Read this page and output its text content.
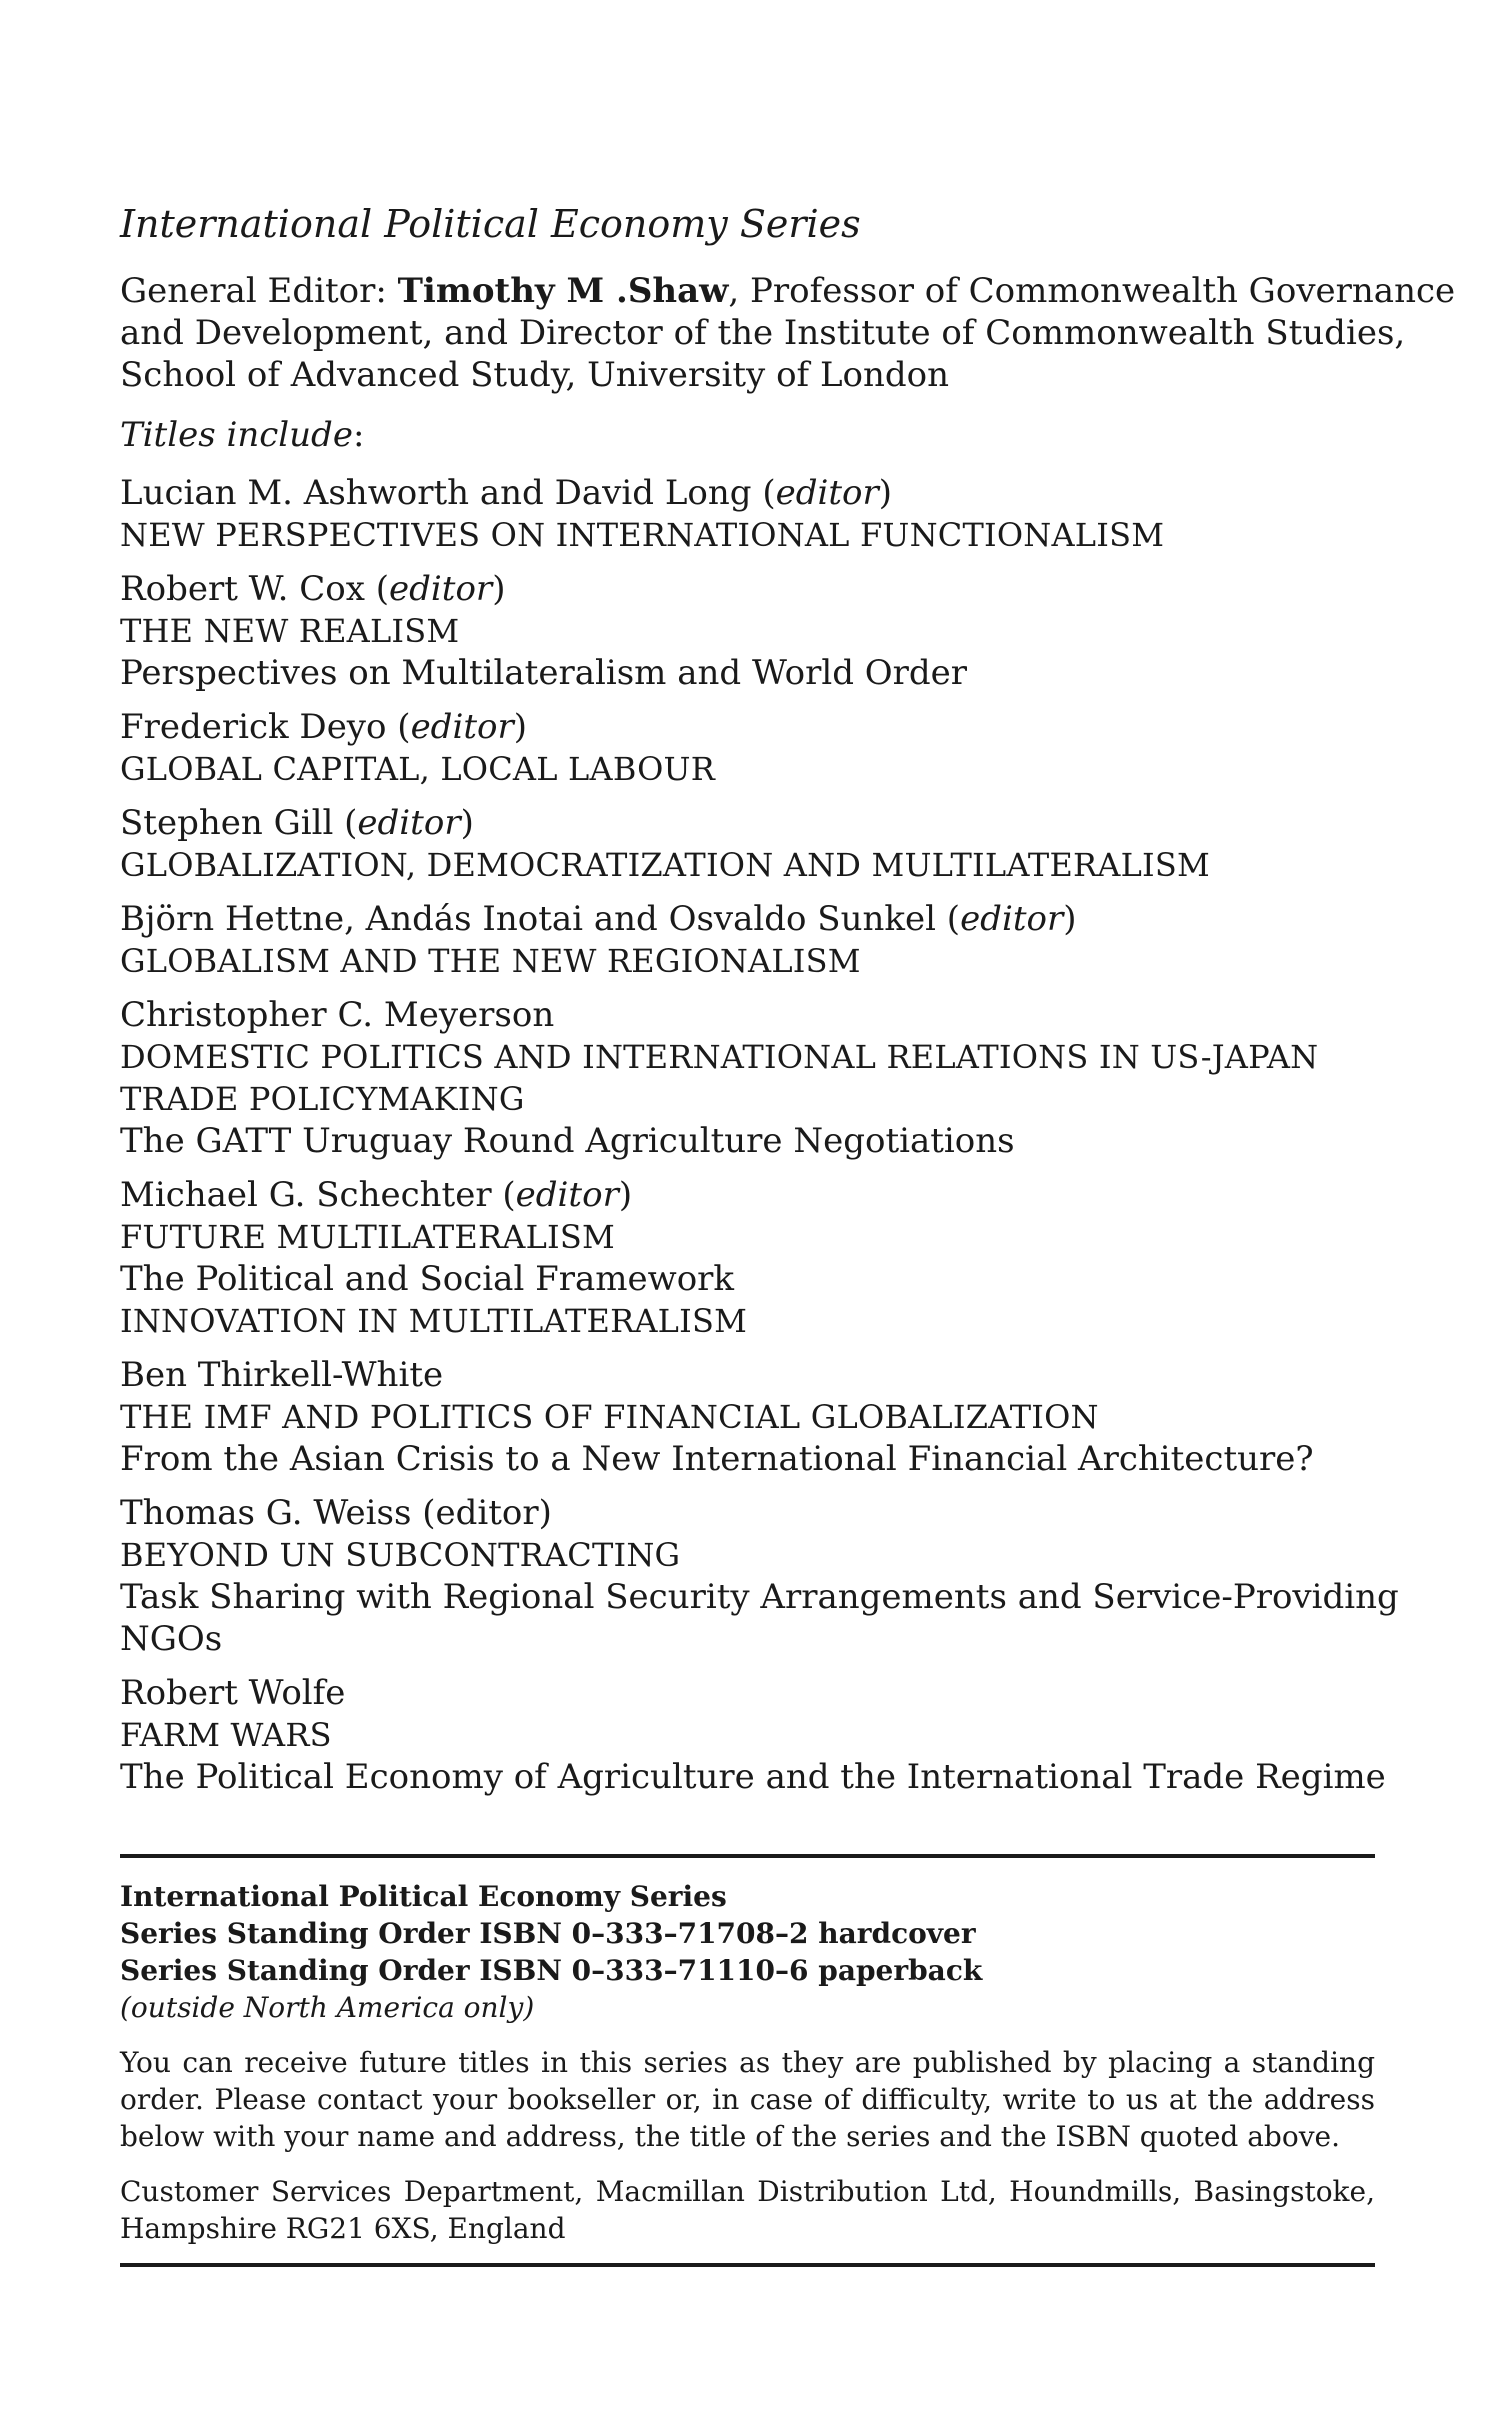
International Political Economy Series
General Editor: Timothy M .Shaw, Professor of Commonwealth Governance
and Development, and Director of the Institute of Commonwealth Studies,
School of Advanced Study, University of London
Titles include:
Lucian M. Ashworth and David Long (editor)
NEW PERSPECTIVES ON INTERNATIONAL FUNCTIONALISM
Robert W. Cox (editor)
THE NEW REALISM
Perspectives on Multilateralism and World Order
Frederick Deyo (editor)
GLOBAL CAPITAL, LOCAL LABOUR
Stephen Gill (editor)
GLOBALIZATION, DEMOCRATIZATION AND MULTILATERALISM
Björn Hettne, Andás Inotai and Osvaldo Sunkel (editor)
GLOBALISM AND THE NEW REGIONALISM
Christopher C. Meyerson
DOMESTIC POLITICS AND INTERNATIONAL RELATIONS IN US-JAPAN
TRADE POLICYMAKING
The GATT Uruguay Round Agriculture Negotiations
Michael G. Schechter (editor)
FUTURE MULTILATERALISM
The Political and Social Framework
INNOVATION IN MULTILATERALISM
Ben Thirkell-White
THE IMF AND POLITICS OF FINANCIAL GLOBALIZATION
From the Asian Crisis to a New International Financial Architecture?
Thomas G. Weiss (editor)
BEYOND UN SUBCONTRACTING
Task Sharing with Regional Security Arrangements and Service-Providing
NGOs
Robert Wolfe
FARM WARS
The Political Economy of Agriculture and the International Trade Regime
International Political Economy Series
Series Standing Order ISBN 0–333–71708–2 hardcover
Series Standing Order ISBN 0–333–71110–6 paperback
(outside North America only)
You can receive future titles in this series as they are published by placing a standing order. Please contact your bookseller or, in case of difficulty, write to us at the address below with your name and address, the title of the series and the ISBN quoted above.
Customer Services Department, Macmillan Distribution Ltd, Houndmills, Basingstoke, Hampshire RG21 6XS, England
